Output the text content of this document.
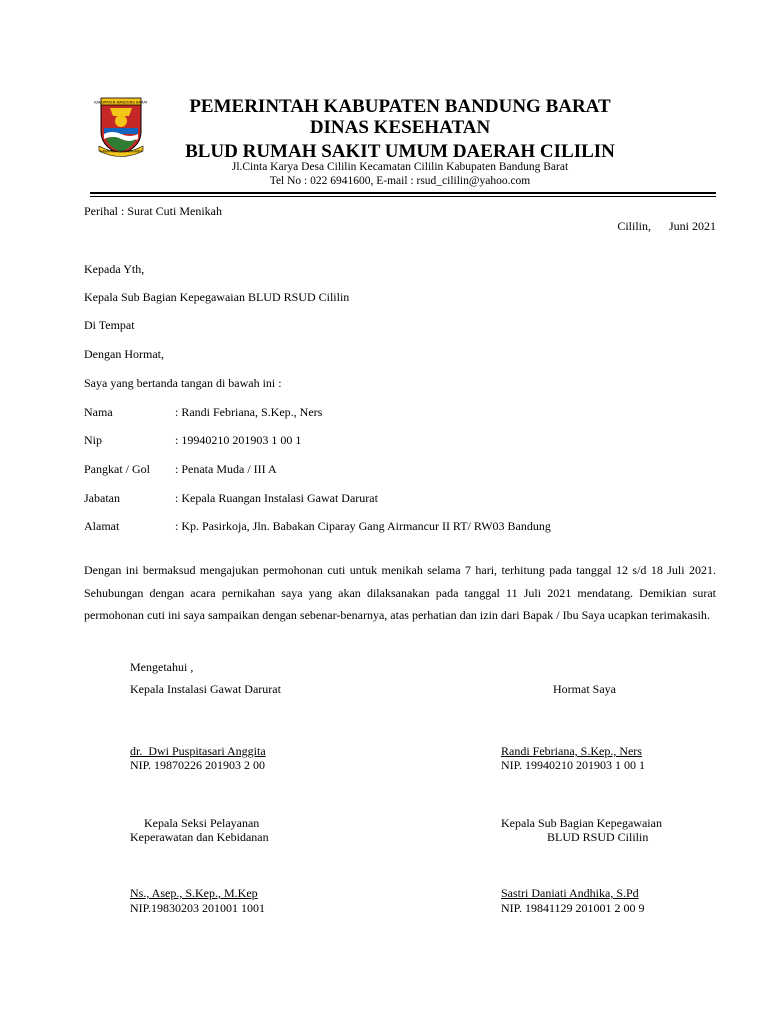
KABUPATEN BANDUNG BARAT
GAWIRAHA CIPTA RAHARJA
PEMERINTAH KABUPATEN BANDUNG BARAT
DINAS KESEHATAN
BLUD RUMAH SAKIT UMUM DAERAH CILILIN
Jl.Cinta Karya Desa Cililin Kecamatan Cililin Kabupaten Bandung Barat
Tel No : 022 6941600, E-mail : rsud_cililin@yahoo.com
Perihal : Surat Cuti Menikah
Cililin,      Juni 2021
Kepada Yth,
Kepala Sub Bagian Kepegawaian BLUD RSUD Cililin
Di Tempat
Dengan Hormat,
Saya yang bertanda tangan di bawah ini :
Nama	: Randi Febriana, S.Kep., Ners
Nip	: 19940210 201903 1 00 1
Pangkat / Gol : Penata Muda / III A
Jabatan	: Kepala Ruangan Instalasi Gawat Darurat
Alamat	: Kp. Pasirkoja, Jln. Babakan Ciparay Gang Airmancur II RT/ RW03 Bandung
Dengan ini bermaksud mengajukan permohonan cuti untuk menikah selama 7 hari, terhitung pada tanggal 12 s/d 18 Juli 2021. Sehubungan dengan acara pernikahan saya yang akan dilaksanakan pada tanggal 11 Juli 2021 mendatang. Demikian surat permohonan cuti ini saya sampaikan dengan sebenar-benarnya, atas perhatian dan izin dari Bapak / Ibu Saya ucapkan terimakasih.
Mengetahui ,
Kepala Instalasi Gawat Darurat	Hormat Saya
dr.  Dwi Puspitasari Anggita
NIP. 19870226 201903 2 00
Randi Febriana, S.Kep., Ners
NIP. 19940210 201903 1 00 1
Kepala Seksi Pelayanan
Keperawatan dan Kebidanan
Kepala Sub Bagian Kepegawaian
BLUD RSUD Cililin
Ns., Asep., S.Kep., M.Kep
NIP.19830203 201001 1001
Sastri Daniati Andhika, S.Pd
NIP. 19841129 201001 2 00 9
